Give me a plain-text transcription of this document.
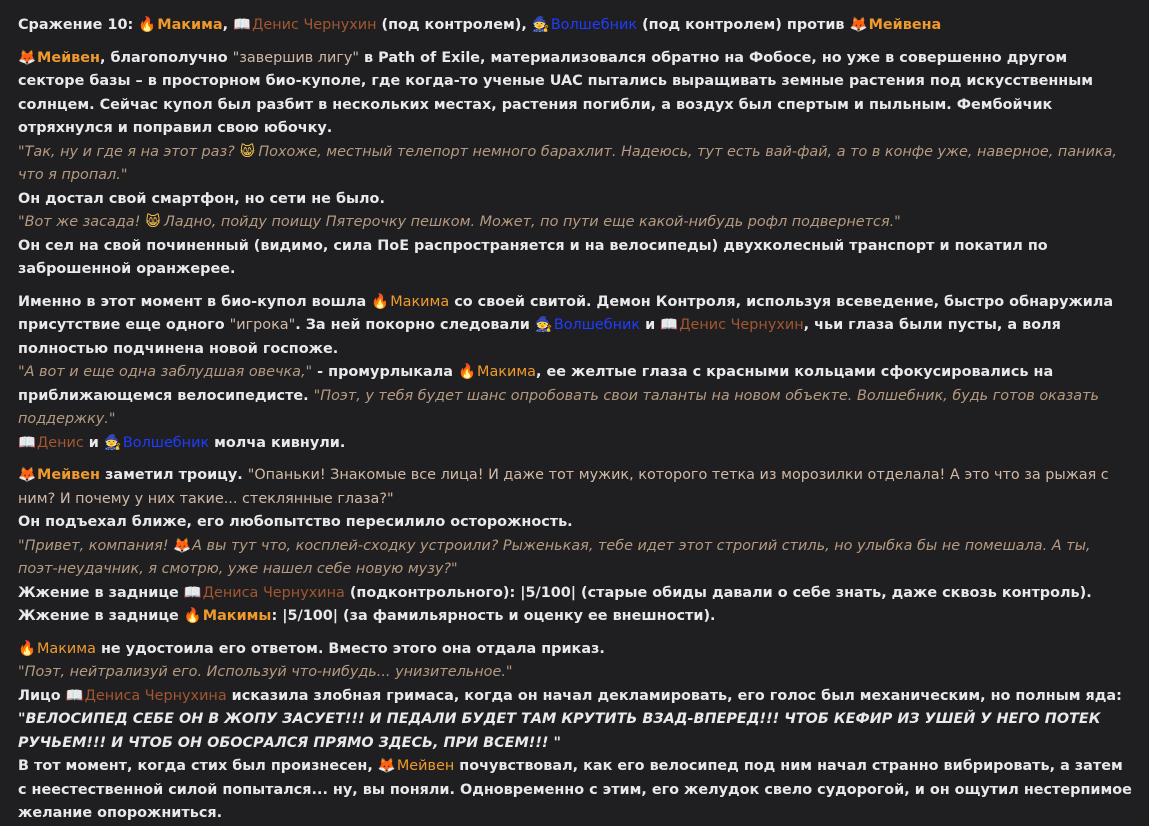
Сражение 10: 🔥Макима, 📖Денис Чернухин (под контролем), 🧙Волшебник (под контролем) против 🦊Мейвена

🦊Мейвен, благополучно "завершив лигу" в Path of Exile, материализовался обратно на Фобосе, но уже в совершенно другом секторе базы – в просторном био-куполе, где когда-то ученые UAC пытались выращивать земные растения под искусственным солнцем. Сейчас купол был разбит в нескольких местах, растения погибли, а воздух был спертым и пыльным. Фембойчик отряхнулся и поправил свою юбочку.

"Так, ну и где я на этот раз? 😸 Похоже, местный телепорт немного барахлит. Надеюсь, тут есть вай-фай, а то в конфе уже, наверное, паника, что я пропал."

Он достал свой смартфон, но сети не было.

"Вот же засада! 😸 Ладно, пойду поищу Пятерочку пешком. Может, по пути еще какой-нибудь рофл подвернется."

Он сел на свой починенный (видимо, сила ПоЕ распространяется и на велосипеды) двухколесный транспорт и покатил по заброшенной оранжерее.

Именно в этот момент в био-купол вошла 🔥Макима со своей свитой. Демон Контроля, используя всеведение, быстро обнаружила присутствие еще одного "игрока". За ней покорно следовали 🧙Волшебник и 📖Денис Чернухин, чьи глаза были пусты, а воля полностью подчинена новой госпоже.

"А вот и еще одна заблудшая овечка," - промурлыкала 🔥Макима, ее желтые глаза с красными кольцами сфокусировались на приближающемся велосипедисте. "Поэт, у тебя будет шанс опробовать свои таланты на новом объекте. Волшебник, будь готов оказать поддержку."

📖Денис и 🧙Волшебник молча кивнули.

🦊Мейвен заметил троицу. "Опаньки! Знакомые все лица! И даже тот мужик, которого тетка из морозилки отделала! А это что за рыжая с ним? И почему у них такие... стеклянные глаза?"

Он подъехал ближе, его любопытство пересилило осторожность.

"Привет, компания! 🦊А вы тут что, косплей-сходку устроили? Рыженькая, тебе идет этот строгий стиль, но улыбка бы не помешала. А ты, поэт-неудачник, я смотрю, уже нашел себе новую музу?"

Жжение в заднице 📖Дениса Чернухина (подконтрольного): |5/100| (старые обиды давали о себе знать, даже сквозь контроль).

Жжение в заднице 🔥Макимы: |5/100| (за фамильярность и оценку ее внешности).

🔥Макима не удостоила его ответом. Вместо этого она отдала приказ.

"Поэт, нейтрализуй его. Используй что-нибудь... унизительное."

Лицо 📖Дениса Чернухина исказила злобная гримаса, когда он начал декламировать, его голос был механическим, но полным яда:

"ВЕЛОСИПЕД СЕБЕ ОН В ЖОПУ ЗАСУЕТ!!! И ПЕДАЛИ БУДЕТ ТАМ КРУТИТЬ ВЗАД-ВПЕРЕД!!! ЧТОБ КЕФИР ИЗ УШЕЙ У НЕГО ПОТЕК РУЧЬЕМ!!! И ЧТОБ ОН ОБОСРАЛСЯ ПРЯМО ЗДЕСЬ, ПРИ ВСЕМ!!! "

В тот момент, когда стих был произнесен, 🦊Мейвен почувствовал, как его велосипед под ним начал странно вибрировать, а затем с неестественной силой попытался... ну, вы поняли. Одновременно с этим, его желудок свело судорогой, и он ощутил нестерпимое желание опорожниться.
